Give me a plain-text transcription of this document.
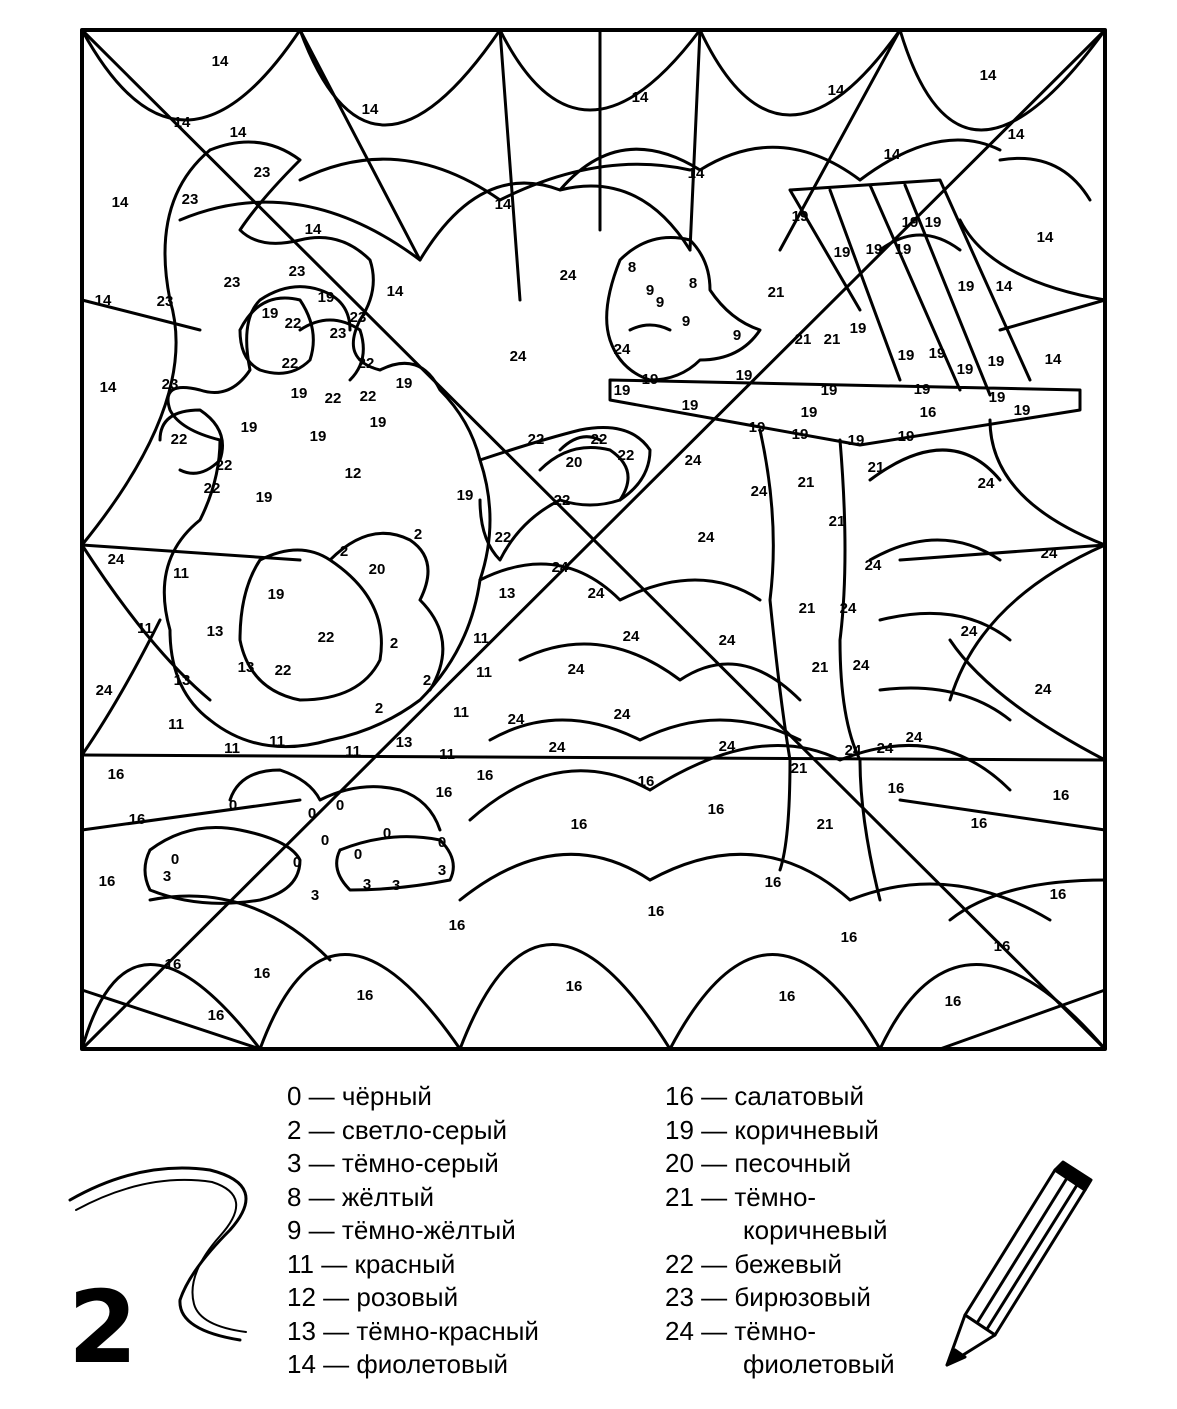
14
14
14	14
14
14
14	14
14
23	14
14	23	14
19	19 19
14	14
19 19 19
8
24
23
23	8
21	19 14
14	9
9
14	23	19
19
22	23	9	19
9
23	21 21
24
24	19
19
19 19	14
22
22
19
19
19
19
23
14
22 22	19	19
19
19
19
16
19
19
19
19
19
19 19	19 19
22	22	22
21
22
20
22	12
24
22
19	24
21	24
19	22
21
2	22	24
2	24
24
20	24	24
11
19	13	24
21 24
24
11	13	22	24	24
11
2
21 24
13 22	24
11
13	2
24	24
2	11	24
24
11
13
11
11	11	11
24
24	24
24
24
21
16	16	16
16	16	16
0	0
0	16
16	21	16
16
0
0	0
0
0	0	3
3
16	3 3	16
3	16
16
16
16
16
16
16
16
16
16	16
16
2
0 — чёрный
2 — светло-серый
3 — тёмно-серый
8 — жёлтый
9 — тёмно-жёлтый
11 — красный
12 — розовый
13 — тёмно-красный
14 — фиолетовый
16 — салатовый
19 — коричневый
20 — песочный
21 — тёмно-
коричневый
22 — бежевый
23 — бирюзовый
24 — тёмно-
фиолетовый
